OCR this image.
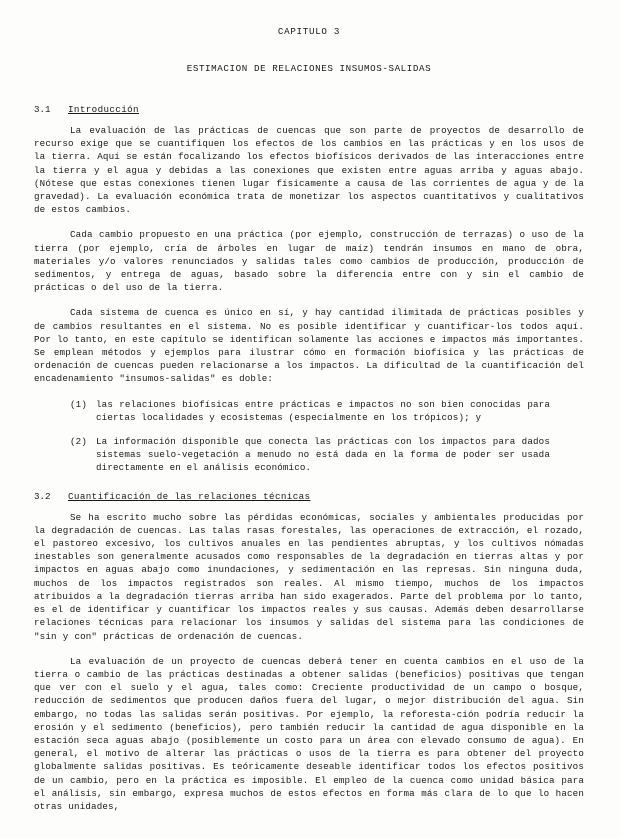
CAPITULO 3
ESTIMACION DE RELACIONES INSUMOS-SALIDAS
3.1	Introducción

La evaluación de las prácticas de cuencas que son parte de proyectos de desarrollo de recurso exige que se cuantifiquen los efectos de los cambios en las prácticas y en los usos de la tierra. Aquí se están focalizando los efectos biofísicos derivados de las interacciones entre la tierra y el agua y debidas a las conexiones que existen entre aguas arriba y aguas abajo. (Nótese que estas conexiones tienen lugar físicamente a causa de las corrientes de agua y de la gravedad). La evaluación económica trata de monetizar los aspectos cuantitativos y cualitativos de estos cambios.

Cada cambio propuesto en una práctica (por ejemplo, construcción de terrazas) o uso de la tierra (por ejemplo, cría de árboles en lugar de maíz) tendrán insumos en mano de obra, materiales y/o valores renunciados y salidas tales como cambios de producción, producción de sedimentos, y entrega de aguas, basado sobre la diferencia entre con y sin el cambio de prácticas o del uso de la tierra.

Cada sistema de cuenca es único en sí, y hay cantidad ilimitada de prácticas posibles y de cambios resultantes en el sistema. No es posible identificar y cuantificar-los todos aquí. Por lo tanto, en este capítulo se identifican solamente las acciones e impactos más importantes. Se emplean métodos y ejemplos para ilustrar cómo en formación biofísica y las prácticas de ordenación de cuencas pueden relacionarse a los impactos. La dificultad de la cuantificación del encadenamiento "insumos-salidas" es doble:

(1) las relaciones biofísicas entre prácticas e impactos no son bien conocidas para ciertas localidades y ecosistemas (especialmente en los trópicos); y
(2) La información disponible que conecta las prácticas con los impactos para dados sistemas suelo-vegetación a menudo no está dada en la forma de poder ser usada directamente en el análisis económico.
3.2	Cuantificación de las relaciones técnicas

Se ha escrito mucho sobre las pérdidas económicas, sociales y ambientales producidas por la degradación de cuencas. Las talas rasas forestales, las operaciones de extracción, el rozado, el pastoreo excesivo, los cultivos anuales en las pendientes abruptas, y los cultivos nómadas inestables son generalmente acusados como responsables de la degradación en tierras altas y por impactos en aguas abajo como inundaciones, y sedimentación en las represas. Sin ninguna duda, muchos de los impactos registrados son reales. Al mismo tiempo, muchos de los impactos atribuidos a la degradación tierras arriba han sido exagerados. Parte del problema por lo tanto, es el de identificar y cuantificar los impactos reales y sus causas. Además deben desarrollarse relaciones técnicas para relacionar los insumos y salidas del sistema para las condiciones de "sin y con" prácticas de ordenación de cuencas.

La evaluación de un proyecto de cuencas deberá tener en cuenta cambios en el uso de la tierra o cambio de las prácticas destinadas a obtener salidas (beneficios) positivas que tengan que ver con el suelo y el agua, tales como: Creciente productividad de un campo o bosque, reducción de sedimentos que producen daños fuera del lugar, o mejor distribución del agua. Sin embargo, no todas las salidas serán positivas. Por ejemplo, la reforesta-ción podría reducir la erosión y el sedimento (beneficios), pero también reducir la cantidad de agua disponible en la estación seca aguas abajo (posiblemente un costo para un área con elevado consumo de agua). En general, el motivo de alterar las prácticas o usos de la tierra es para obtener del proyecto globalmente salidas positivas. Es teóricamente deseable identificar todos los efectos positivos de un cambio, pero en la práctica es imposible. El empleo de la cuenca como unidad básica para el análisis, sin embargo, expresa muchos de estos efectos en forma más clara de lo que lo hacen otras unidades,
